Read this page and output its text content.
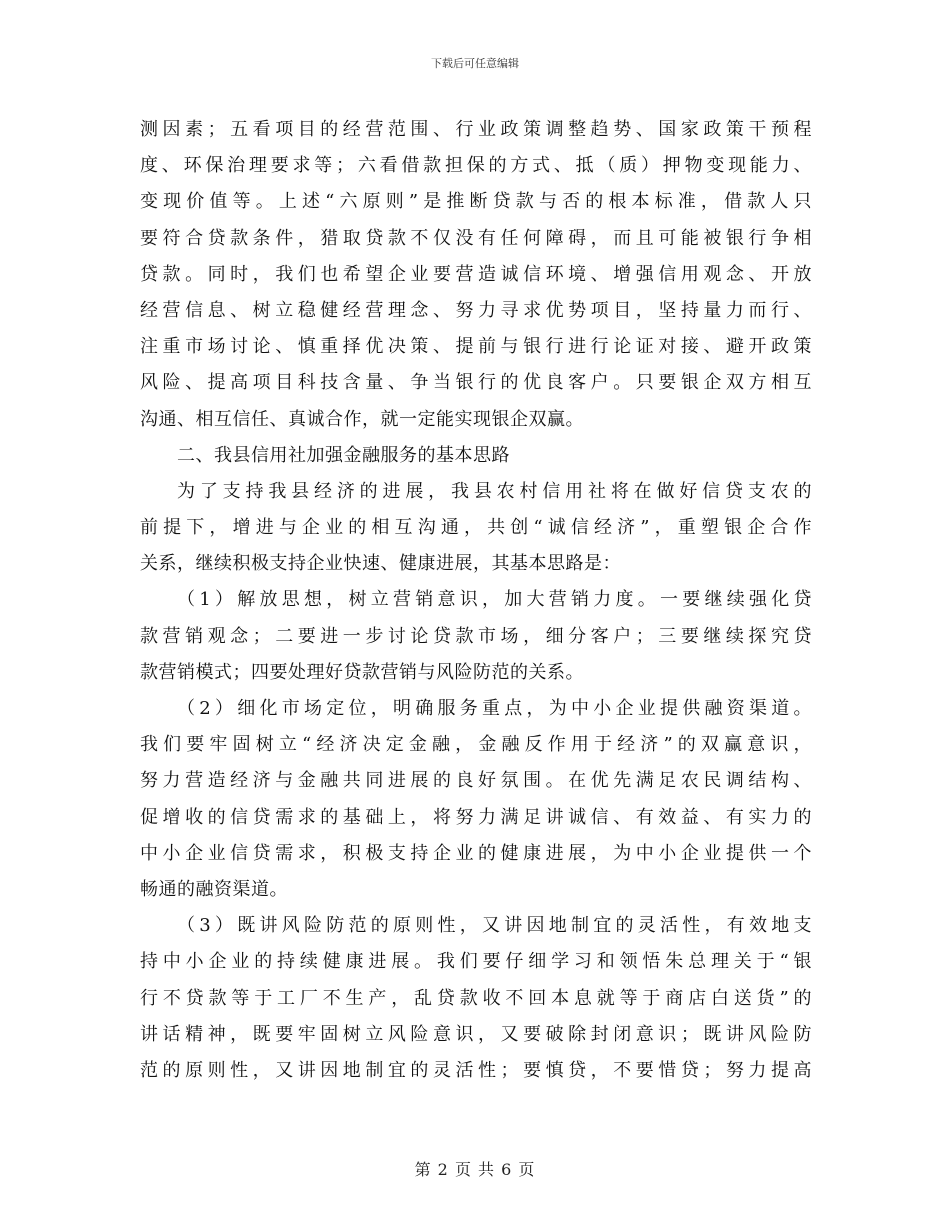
下载后可任意编辑
测因素；五看项目的经营范围、行业政策调整趋势、国家政策干预程
度、环保治理要求等；六看借款担保的方式、抵（质）押物变现能力、
变现价值等。上述“六原则”是推断贷款与否的根本标准，借款人只
要符合贷款条件，猎取贷款不仅没有任何障碍，而且可能被银行争相
贷款。同时，我们也希望企业要营造诚信环境、增强信用观念、开放
经营信息、树立稳健经营理念、努力寻求优势项目，坚持量力而行、
注重市场讨论、慎重择优决策、提前与银行进行论证对接、避开政策
风险、提高项目科技含量、争当银行的优良客户。只要银企双方相互
沟通、相互信任、真诚合作，就一定能实现银企双赢。
二、我县信用社加强金融服务的基本思路
为了支持我县经济的进展，我县农村信用社将在做好信贷支农的
前提下，增进与企业的相互沟通，共创“诚信经济”，重塑银企合作
关系，继续积极支持企业快速、健康进展，其基本思路是：
（1）解放思想，树立营销意识，加大营销力度。一要继续强化贷
款营销观念；二要进一步讨论贷款市场，细分客户；三要继续探究贷
款营销模式；四要处理好贷款营销与风险防范的关系。
（2）细化市场定位，明确服务重点，为中小企业提供融资渠道。
我们要牢固树立“经济决定金融，金融反作用于经济”的双赢意识，
努力营造经济与金融共同进展的良好氛围。在优先满足农民调结构、
促增收的信贷需求的基础上，将努力满足讲诚信、有效益、有实力的
中小企业信贷需求，积极支持企业的健康进展，为中小企业提供一个
畅通的融资渠道。
（3）既讲风险防范的原则性，又讲因地制宜的灵活性，有效地支
持中小企业的持续健康进展。我们要仔细学习和领悟朱总理关于“银
行不贷款等于工厂不生产，乱贷款收不回本息就等于商店白送货”的
讲话精神，既要牢固树立风险意识，又要破除封闭意识；既讲风险防
范的原则性，又讲因地制宜的灵活性；要慎贷，不要惜贷；努力提高
第 2 页 共 6 页
